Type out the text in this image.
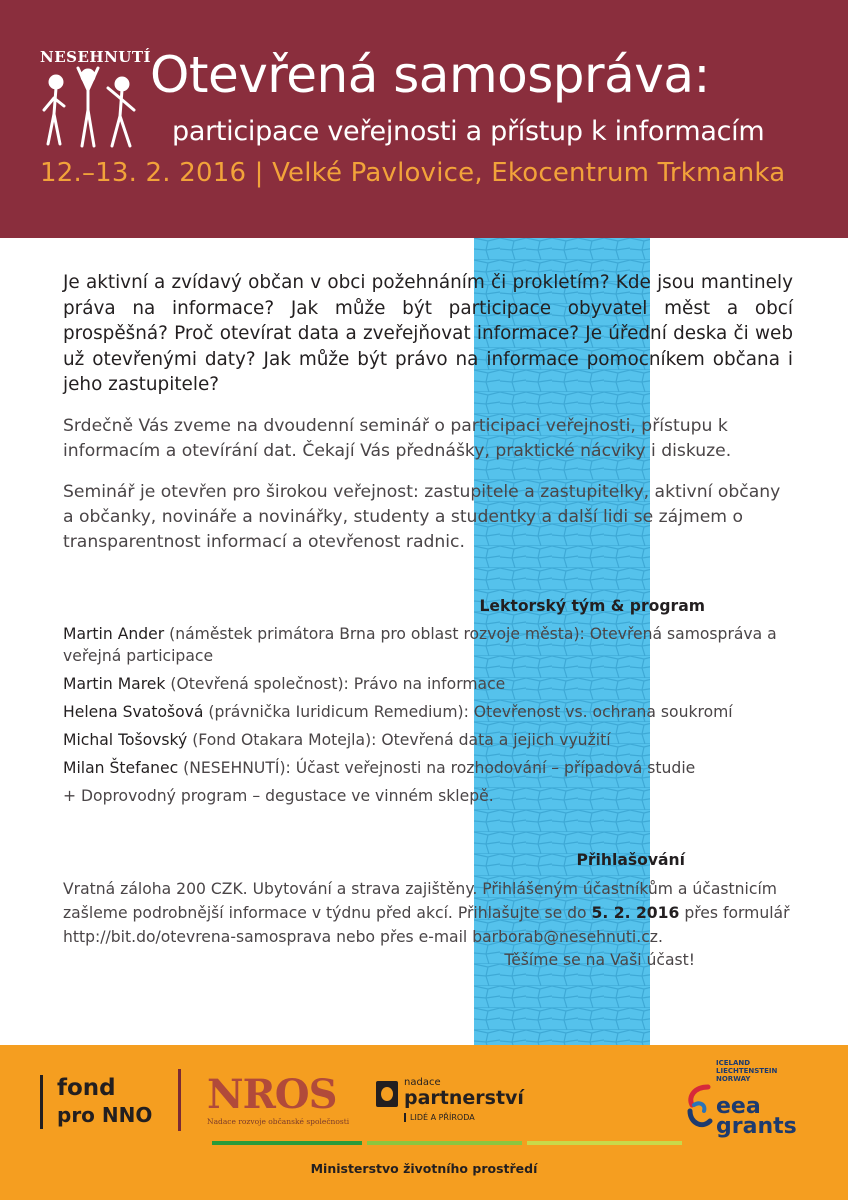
NESEHNUTÍ
Otevřená samospráva:
participace veřejnosti a přístup k informacím
12.–13. 2. 2016 | Velké Pavlovice, Ekocentrum Trkmanka

Je aktivní a zvídavý občan v obci požehnáním či prokletím? Kde jsou mantinely práva na informace? Jak může být participace obyvatel měst a obcí prospěšná? Proč otevírat data a zveřejňovat informace? Je úřední deska či web už otevřenými daty? Jak může být právo na informace pomocníkem občana i jeho zastupitele?

Srdečně Vás zveme na dvoudenní seminář o participaci veřejnosti, přístupu k informacím a otevírání dat. Čekají Vás přednášky, praktické nácviky i diskuze.

Seminář je otevřen pro širokou veřejnost: zastupitele a zastupitelky, aktivní občany a občanky, novináře a novinářky, studenty a studentky a další lidi se zájmem o transparentnost informací a otevřenost radnic.

Lektorský tým & program
Martin Ander (náměstek primátora Brna pro oblast rozvoje města): Otevřená samospráva a veřejná participace
Martin Marek (Otevřená společnost): Právo na informace
Helena Svatošová (právnička Iuridicum Remedium): Otevřenost vs. ochrana soukromí
Michal Tošovský (Fond Otakara Motejla): Otevřená data a jejich využití
Milan Štefanec (NESEHNUTÍ): Účast veřejnosti na rozhodování – případová studie
+ Doprovodný program – degustace ve vinném sklepě.
Přihlašování

Vratná záloha 200 CZK. Ubytování a strava zajištěny. Přihlášeným účastníkům a účastnicím zašleme podrobnější informace v týdnu před akcí. Přihlašujte se do 5. 2. 2016 přes formulář http://bit.do/otevrena-samosprava nebo přes e-mail barborab@nesehnuti.cz.

Těšíme se na Vaši účast!
fond
pro NNO NROS
Nadace rozvoje občanské společnosti
nadace
partnerství
LIDÉ A PŘÍRODA
ICELAND
LIECHTENSTEIN
NORWAY
eea
grants
Ministerstvo životního prostředí
